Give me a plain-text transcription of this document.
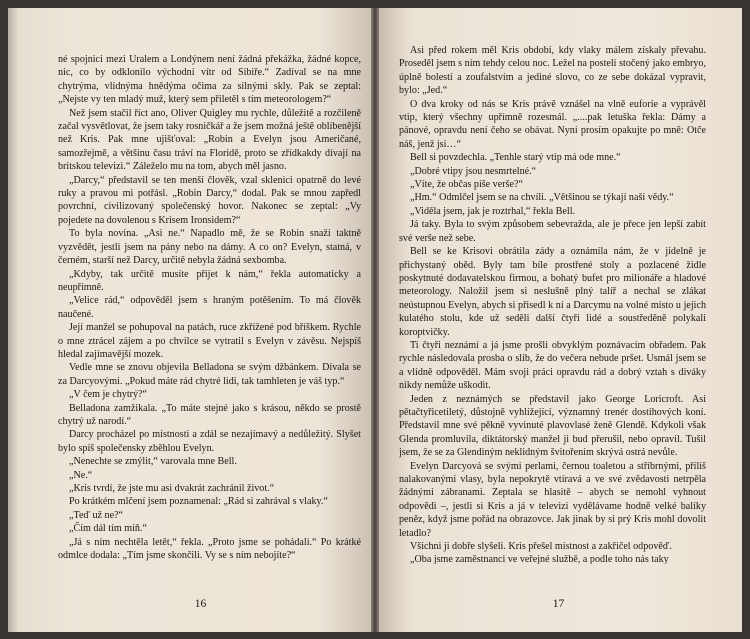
né spojnici mezi Uralem a Londýnem není žádná překážka, žádné kopce, nic, co by odklonilo východní vítr od Sibiře.“ Zadíval se na mne chytrýma, vlídnýma hnědýma očima za silnými skly. Pak se zeptal: „Nejste vy ten mladý muž, který sem přiletěl s tím meteorologem?“

Než jsem stačil říct ano, Oliver Quigley mu rychle, důležitě a rozčileně začal vysvětlovat, že jsem taky rosničkář a že jsem možná ještě oblíbenější než Kris. Pak mne ujišťoval: „Robin a Evelyn jsou Američané, samozřejmě, a většinu času tráví na Floridě, proto se zřídkakdy dívají na britskou televizi.“ Záleželo mu na tom, abych měl jasno.

„Darcy,“ představil se ten menší člověk, vzal sklenici opatrně do levé ruky a pravou mi potřásl. „Robin Darcy,“ dodal. Pak se mnou zapředl povrchní, civilizovaný společenský hovor. Nakonec se zeptal: „Vy pojedete na dovolenou s Krisem Ironsidem?“

To byla novina. „Asi ne.“ Napadlo mě, že se Robin snaží taktně vyzvědět, jestli jsem na pány nebo na dámy. A co on? Evelyn, statná, v černém, starší než Darcy, určitě nebyla žádná sexbomba.

„Kdyby, tak určitě musíte přijet k nám,“ řekla automaticky a neupřímně.

„Velice rád,“ odpověděl jsem s hraným potěšením. To má člověk naučené.

Její manžel se pohupoval na patách, ruce zkřížené pod bříškem. Rychle o mne ztrácel zájem a po chvilce se vytratil s Evelyn v závěsu. Nejspíš hledal zajímavější mozek.

Vedle mne se znovu objevila Belladona se svým džbánkem. Dívala se za Darcyovými. „Pokud máte rád chytré lidi, tak tamhleten je váš typ.“

„V čem je chytrý?“

Belladona zamžikala. „To máte stejné jako s krásou, někdo se prostě chytrý už narodí.“

Darcy procházel po místnosti a zdál se nezajímavý a nedůležitý. Slyšet bylo spíš společensky zběhlou Evelyn.

„Nenechte se zmýlit,“ varovala mne Bell.

„Ne.“

„Kris tvrdí, že jste mu asi dvakrát zachránil život.“

Po krátkém mlčení jsem poznamenal: „Rád si zahrával s vlaky.“

„Teď už ne?“

„Čím dál tím míň.“

„Já s ním nechtěla letět,“ řekla. „Proto jsme se pohádali.“ Po krátké odmlce dodala: „Tím jsme skončili. Vy se s ním nebojíte?“

16

Asi před rokem měl Kris období, kdy vlaky málem získaly převahu. Proseděl jsem s ním tehdy celou noc. Ležel na posteli stočený jako embryo, úplně bolestí a zoufalstvím a jediné slovo, co ze sebe dokázal vypravit, bylo: „Jed.“

O dva kroky od nás se Kris právě vznášel na vlně euforie a vyprávěl vtip, který všechny upřímně rozesmál. „....pak letuška řekla: Dámy a pánové, opravdu není čeho se obávat. Nyní prosím opakujte po mně: Otče náš, jenž jsi…“

Bell si povzdechla. „Tenhle starý vtip má ode mne.“

„Dobré vtipy jsou nesmrtelné.“

„Víte, že občas píše verše?“

„Hm.“ Odmlčel jsem se na chvíli. „Většinou se týkají naší vědy.“

„Viděla jsem, jak je roztrhal,“ řekla Bell.

Já taky. Byla to svým způsobem sebevražda, ale je přece jen lepší zabít své verše než sebe.

Bell se ke Krisovi obrátila zády a oznámila nám, že v jídelně je přichystaný oběd. Byly tam bíle prostřené stoly a pozlacené židle poskytnuté dodavatelskou firmou, a bohatý bufet pro milionáře a hladové meteorology. Naložil jsem si neslušně plný talíř a nechal se zlákat neústupnou Evelyn, abych si přisedl k ní a Darcymu na volné místo u jejich kulatého stolu, kde už seděli další čtyři lidé a soustředěně polykali koroptvičky.

Ti čtyři neznámí a já jsme prošli obvyklým poznávacím obřadem. Pak rychle následovala prosba o slib, že do večera nebude pršet. Usmál jsem se a vlídně odpověděl. Mám svoji práci opravdu rád a dobrý vztah s diváky nikdy nemůže uškodit.

Jeden z neznámých se představil jako George Loricroft. Asi pětačtyřicetiletý, důstojně vyhlížející, významný trenér dostihových koní. Představil mne své pěkně vyvinuté plavovlasé ženě Glendě. Kdykoli však Glenda promluvila, diktátorský manžel ji bud přerušil, nebo opravil. Tušil jsem, že se za Glendiným neklidným švitořením skrývá ostrá nevůle.

Evelyn Darcyová se svými perlami, černou toaletou a stříbrnými, příliš nalakovanými vlasy, byla nepokrytě vtíravá a ve své zvědavosti netrpěla žádnými zábranami. Zeptala se hlasitě – abych se nemohl vyhnout odpovědi –, jestli si Kris a já v televizi vydělávame hodně velké balíky peněz, když jsme pořád na obrazovce. Jak jinak by si prý Kris mohl dovolit letadlo?

Všichni ji dobře slyšeli. Kris přešel místnost a zakřičel odpověď.

„Oba jsme zaměstnanci ve veřejné službě, a podle toho nás taky

17
